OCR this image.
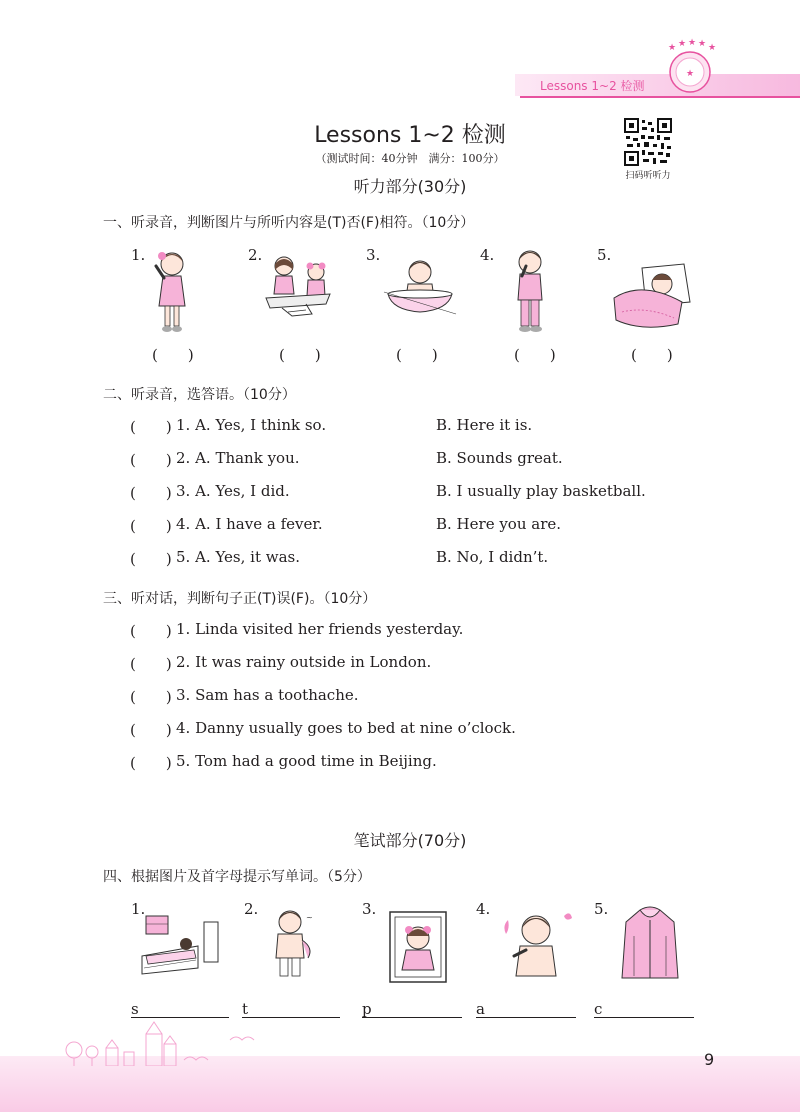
Lessons 1~2 检测
★
★ ★ ★ ★ ★
Lessons 1~2 检测
（测试时间：40分钟　满分：100分）
扫码听听力
听力部分(30分)
一、听录音，判断图片与所听内容是(T)否(F)相符。（10分）
1.	2.	3.	4.	5.
(　　)	(　　)	(　　)	(　　)	(　　)
二、听录音，选答语。（10分）
(　　) 1. A. Yes, I think so.	B. Here it is.
(　　) 2. A. Thank you.	B. Sounds great.
(　　) 3. A. Yes, I did.	B. I usually play basketball.
(　　) 4. A. I have a fever.	B. Here you are.
(　　) 5. A. Yes, it was.	B. No, I didn’t.
三、听对话，判断句子正(T)误(F)。（10分）
(　　) 1. Linda visited her friends yesterday.
(　　) 2. It was rainy outside in London.
(　　) 3. Sam has a toothache.
(　　) 4. Danny usually goes to bed at nine o’clock.
(　　) 5. Tom had a good time in Beijing.
笔试部分(70分)
四、根据图片及首字母提示写单词。（5分）
1.	2.	3.	4.	5.
~
s	t	p	a	c
9
